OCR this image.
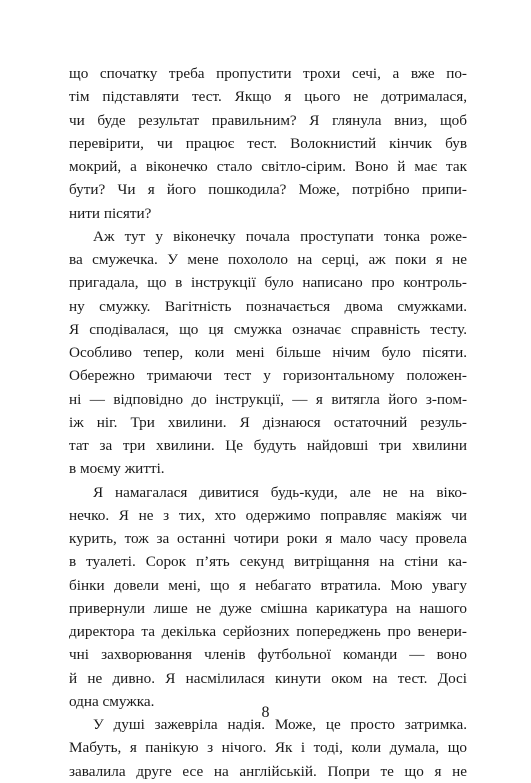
що спочатку треба пропустити трохи сечі, а вже по-
тім підставляти тест. Якщо я цього не дотрималася,
чи буде результат правильним? Я глянула вниз, щоб
перевірити, чи працює тест. Волокнистий кінчик був
мокрий, а віконечко стало світло-сірим. Воно й має так
бути? Чи я його пошкодила? Може, потрібно припи-
нити пісяти?
Аж тут у віконечку почала проступати тонка роже-
ва смужечка. У мене похололо на серці, аж поки я не
пригадала, що в інструкції було написано про контроль-
ну смужку. Вагітність позначається двома смужками.
Я сподівалася, що ця смужка означає справність тесту.
Особливо тепер, коли мені більше нічим було пісяти.
Обережно тримаючи тест у горизонтальному положен-
ні — відповідно до інструкції, — я витягла його з-пом-
іж ніг. Три хвилини. Я дізнаюся остаточний резуль-
тат за три хвилини. Це будуть найдовші три хвилини
в моєму житті.
Я намагалася дивитися будь-куди, але не на віко-
нечко. Я не з тих, хто одержимо поправляє макіяж чи
курить, тож за останні чотири роки я мало часу провела
в туалеті. Сорок п’ять секунд витріщання на стіни ка-
бінки довели мені, що я небагато втратила. Мою увагу
привернули лише не дуже смішна карикатура на нашого
директора та декілька серйозних попереджень про венери-
чні захворювання членів футбольної команди — воно
й не дивно. Я насмілилася кинути оком на тест. Досі
одна смужка.
У душі зажевріла надія. Може, це просто затримка.
Мабуть, я панікую з нічого. Як і тоді, коли думала, що
завалила друге есе на англійській. Попри те що я не
8
